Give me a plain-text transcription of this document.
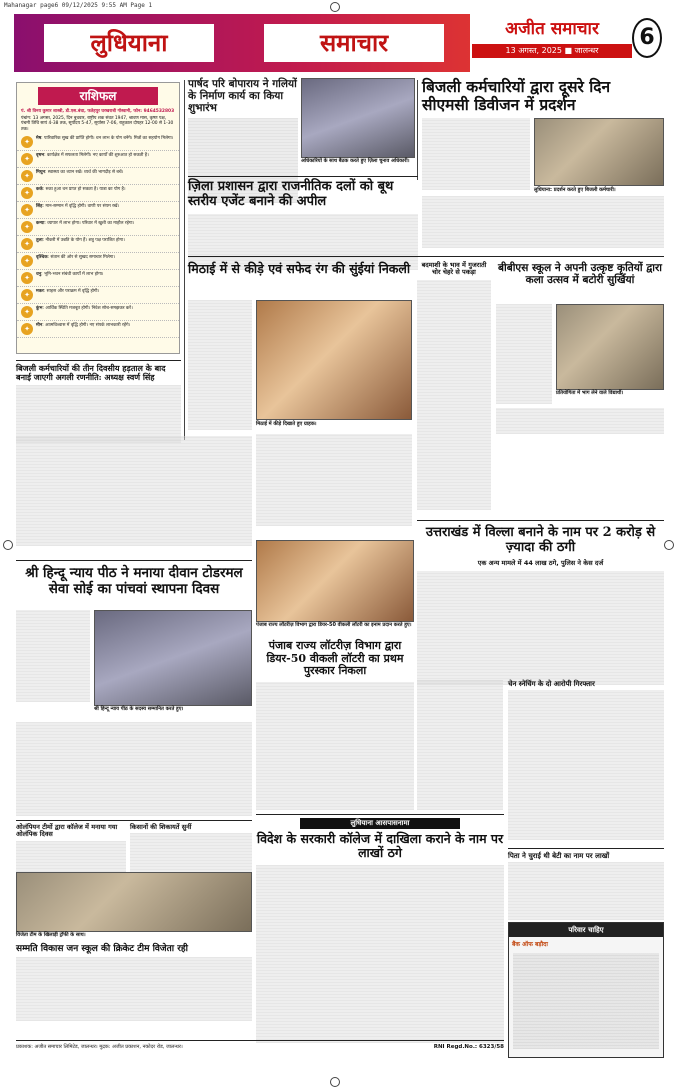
Mahanagar page6 09/12/2025 9:55 AM Page 1
लुधियाना	समाचार	अजीत समाचार
13 अगस्त, 2025 ■ जालन्धर
6
राशिफल
पं. श्री विनय कुमार शास्त्री, डी.एस.बंधा, फतेहपुर घरखराबी गोस्वामी, फोन: 9464532803
पंचांग: 13 अगस्त, 2025, दिन बुधवार, राष्ट्रीय शक संवत 1947, श्रावण मास, कृष्ण पक्ष, पंचमी तिथि सायं 4-38 तक, सूर्योदय 5-47, सूर्यास्त 7-06, राहुकाल दोपहर 12-00 से 1-30 तक।
✦	मेष: पारिवारिक सुख की प्राप्ति होगी। धन लाभ के योग बनेंगे। मित्रों का सहयोग मिलेगा।
✦	वृषभ: कार्यक्षेत्र में सफलता मिलेगी। नए कार्यों की शुरुआत हो सकती है।
✦	मिथुन: स्वास्थ्य का ध्यान रखें। व्यर्थ की भागदौड़ से बचें।
✦	कर्क: रुका हुआ धन प्राप्त हो सकता है। यात्रा का योग है।
✦	सिंह: मान-सम्मान में वृद्धि होगी। वाणी पर संयम रखें।
✦	कन्या: व्यापार में लाभ होगा। परिवार में खुशी का माहौल रहेगा।
✦	तुला: नौकरी में उन्नति के योग हैं। शत्रु पक्ष पराजित होगा।
✦	वृश्चिक: संतान की ओर से सुखद समाचार मिलेगा।
✦	धनु: भूमि-भवन संबंधी कार्यों में लाभ होगा।
✦	मकर: साहस और पराक्रम में वृद्धि होगी।
✦	कुंभ: आर्थिक स्थिति मजबूत होगी। निवेश सोच-समझकर करें।
✦	मीन: आत्मविश्वास में वृद्धि होगी। नए संपर्क लाभकारी रहेंगे।
पार्षद परि बोपाराय ने गलियों के निर्माण कार्य का किया शुभारंभ
अधिकारियों के साथ बैठक करते हुए ज़िला चुनाव अधिकारी।
बिजली कर्मचारियों द्वारा दूसरे दिन सीएमसी डिवीजन में प्रदर्शन
लुधियाना: प्रदर्शन करते हुए बिजली कर्मचारी।
ज़िला प्रशासन द्वारा राजनीतिक दलों को बूथ स्तरीय एजेंट बनाने की अपील
बिजली कर्मचारियों की तीन दिवसीय हड़ताल के बाद बनाई जाएगी अगली रणनीति: अध्यक्ष स्वर्ण सिंह
मिठाई में से कीड़े एवं सफेद रंग की सुंईयां निकली
मिठाई में कीड़े दिखाते हुए ग्राहक।
बदमाशी के भाव में गुजराती चोर चेहरे से पकड़ा	बीबीएस स्कूल ने अपनी उत्कृष्ट कृतियों द्वारा कला उत्सव में बटोरी सुर्खियां
प्रतियोगिता में भाग लेने वाले विद्यार्थी।
श्री हिन्दू न्याय पीठ ने मनाया दीवान टोडरमल सेवा सोई का पांचवां स्थापना दिवस
श्री हिन्दू न्याय पीठ के सदस्य सम्मानित करते हुए।
पंजाब राज्य लॉटरीज़ विभाग द्वारा डियर-50 वीकली लॉटरी का इनाम प्रदान करते हुए।
पंजाब राज्य लॉटरीज़ विभाग द्वारा डियर-50 वीकली लॉटरी का प्रथम पुरस्कार निकला
उत्तराखंड में विल्ला बनाने के नाम पर 2 करोड़ से ज़्यादा की ठगी
एक अन्य मामले में 44 लाख ठगे, पुलिस ने केस दर्ज
ओलंपियन टीमों द्वारा कॉलेज में मनाया गया ओलंपिक दिवस
किसानों की शिकायतें सुनीं	लुधियाना आसपासनामा
विदेश के सरकारी कॉलेज में दाखिला कराने के नाम पर लाखों ठगे
विजेता टीम के खिलाड़ी ट्रॉफी के साथ।
सम्मति विकास जन स्कूल की क्रिकेट टीम विजेता रही
पिता ने चुराई थी बेटी का नाम पर लाखों
चेन स्नेचिंग के दो आरोपी गिरफ्तार
परिवार चाहिए
बैंक ऑफ बड़ौदा
प्रकाशक: अजीत समाचार लिमिटेड, जालन्धर। मुद्रक: अजीत प्रकाशन, नकोदर रोड, जालन्धर।	RNI Regd.No.: 6323/58
